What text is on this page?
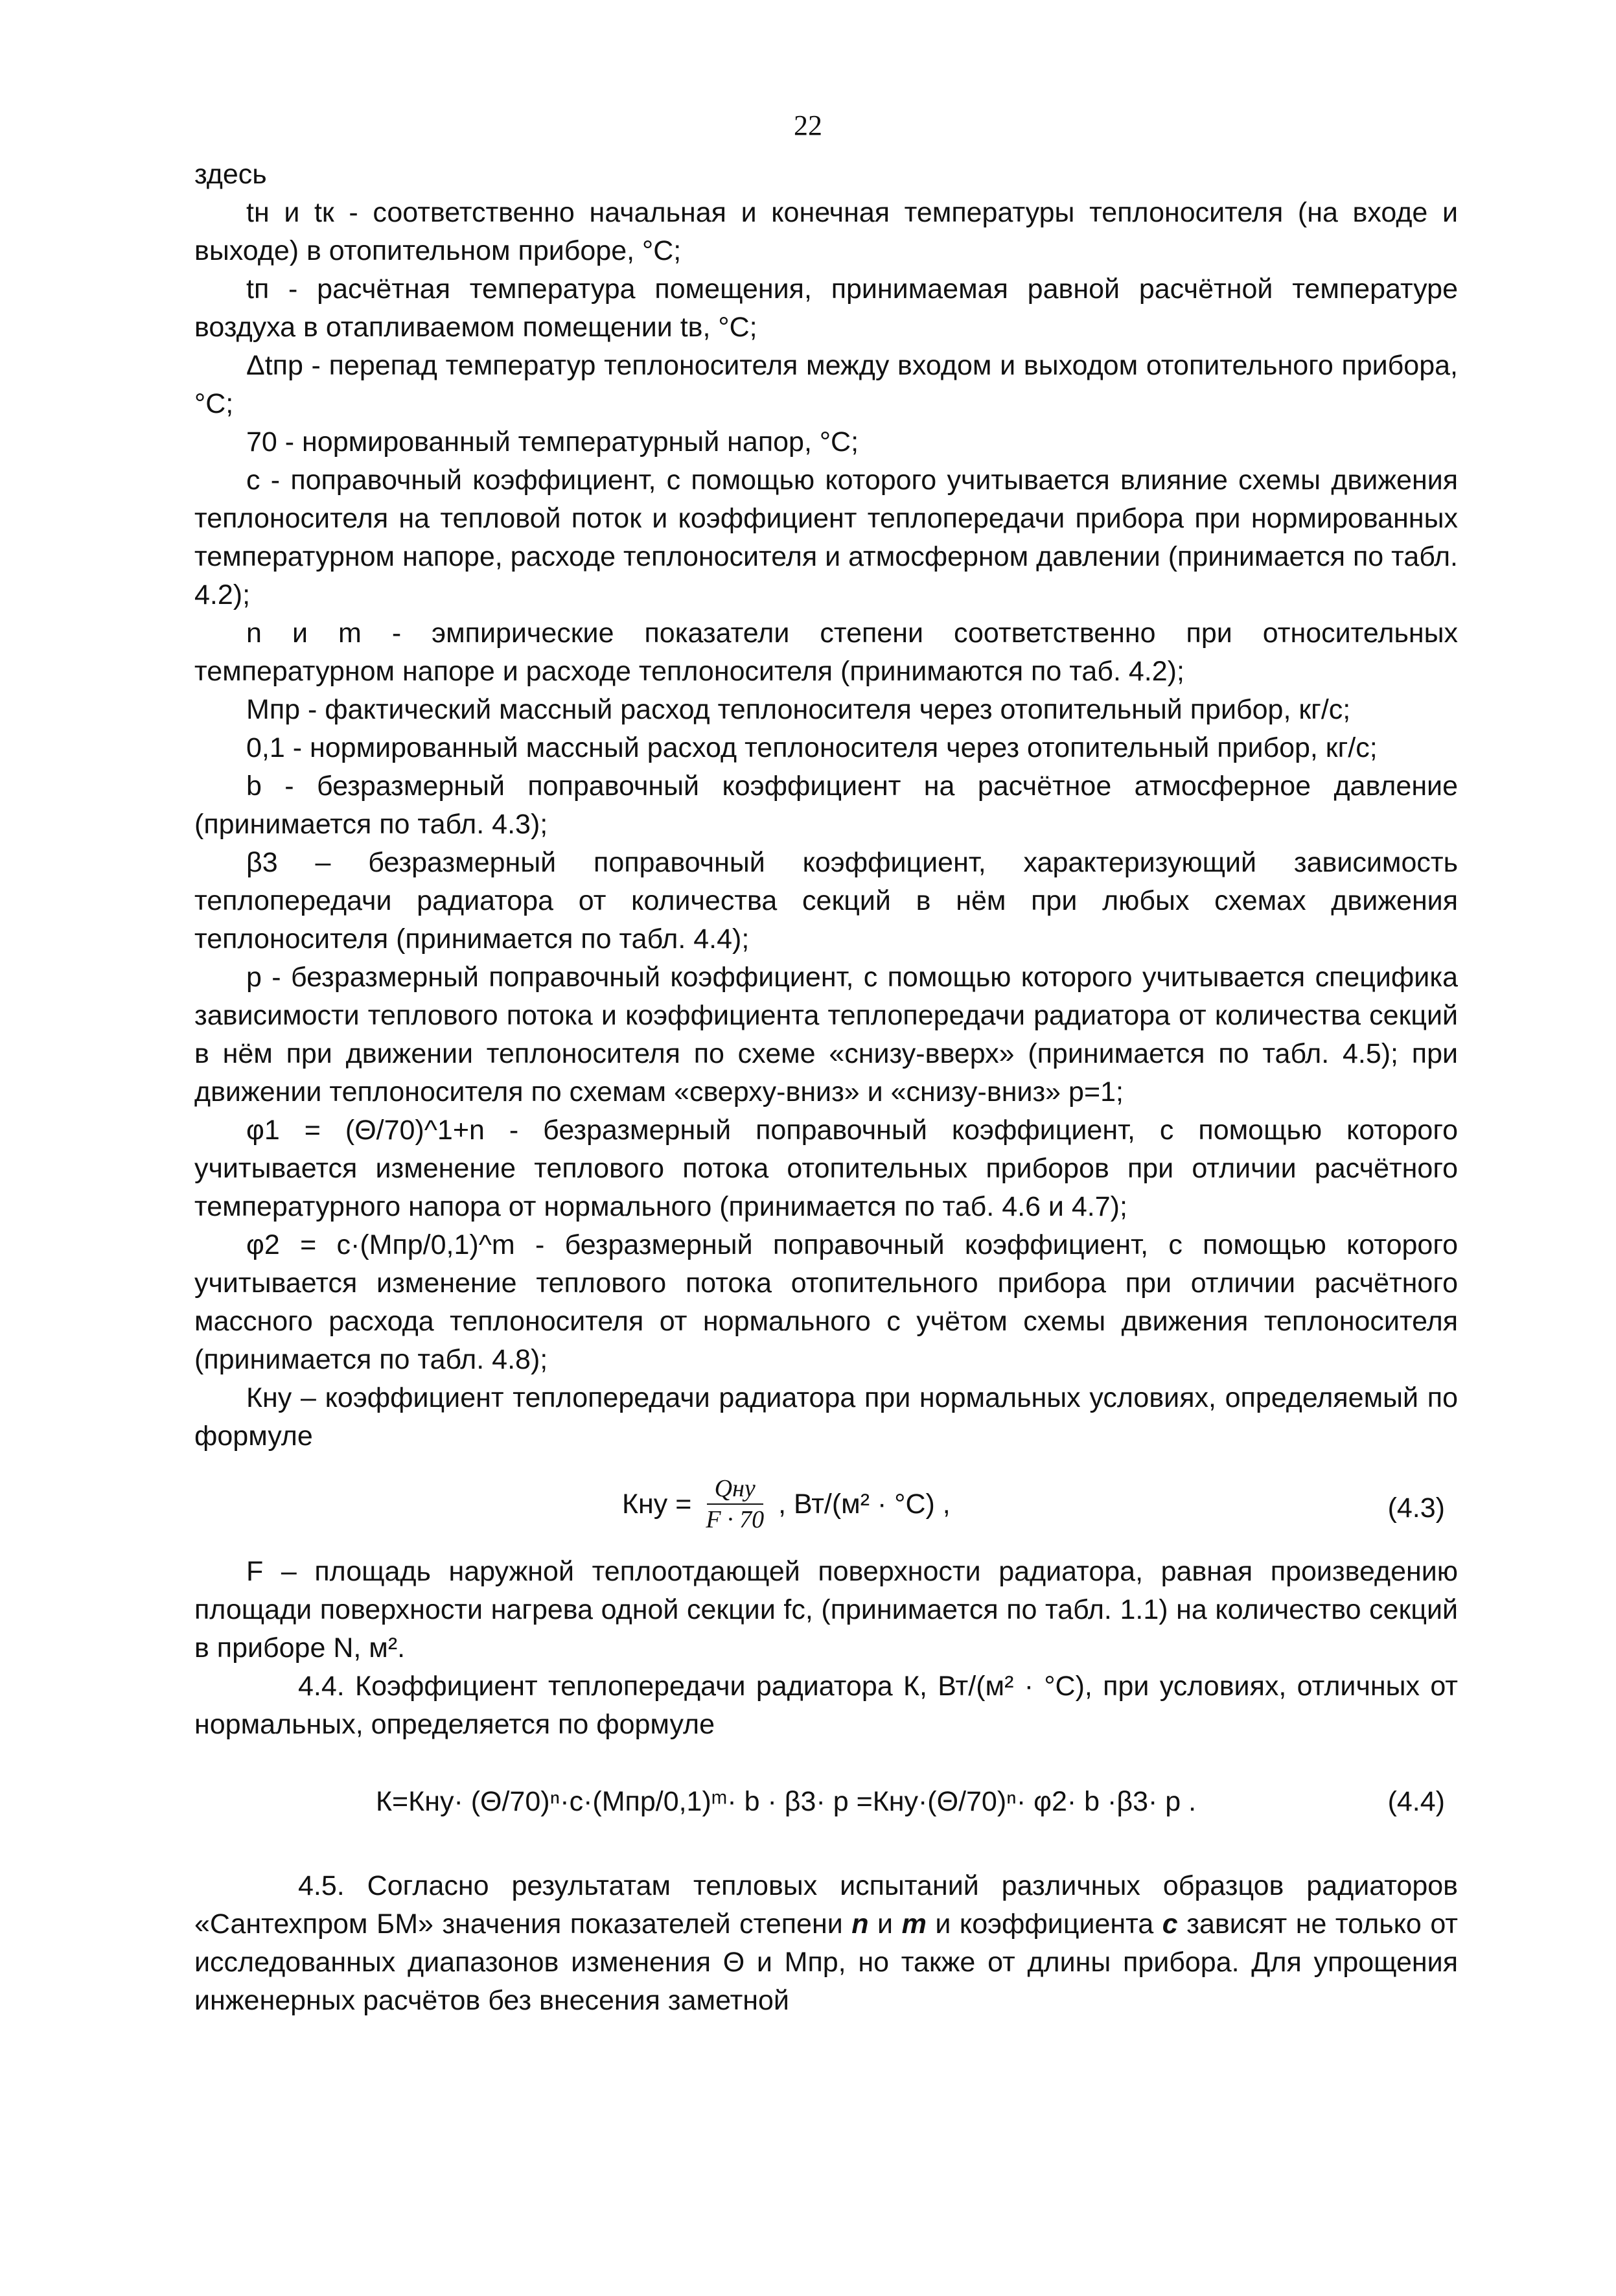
22

здесь

tн и tк - соответственно начальная и конечная температуры теплоносителя (на входе и выходе) в отопительном приборе, °С;

tп - расчётная температура помещения, принимаемая равной расчётной температуре воздуха в отапливаемом помещении tв, °С;

Δtпр - перепад температур теплоносителя между входом и выходом отопительного прибора, °С;

70 - нормированный температурный напор, °С;

с - поправочный коэффициент, с помощью которого учитывается влияние схемы движения теплоносителя на тепловой поток и коэффициент теплопередачи прибора при нормированных температурном напоре, расходе теплоносителя и атмосферном давлении (принимается по табл. 4.2);

n и m - эмпирические показатели степени соответственно при относительных температурном напоре и расходе теплоносителя (принимаются по таб. 4.2);

Мпр - фактический массный расход теплоносителя через отопительный прибор, кг/с;

0,1 - нормированный массный расход теплоносителя через отопительный прибор, кг/с;

b - безразмерный поправочный коэффициент на расчётное атмосферное давление (принимается по табл. 4.3);

β3 – безразмерный поправочный коэффициент, характеризующий зависимость теплопередачи радиатора от количества секций в нём при любых схемах движения теплоносителя (принимается по табл. 4.4);

р - безразмерный поправочный коэффициент, с помощью которого учитывается специфика зависимости теплового потока и коэффициента теплопередачи радиатора от количества секций в нём при движении теплоносителя по схеме «снизу-вверх» (принимается по табл. 4.5); при движении теплоносителя по схемам «сверху-вниз» и «снизу-вниз» р=1;

φ1 = (Θ/70)^1+n - безразмерный поправочный коэффициент, с помощью которого учитывается изменение теплового потока отопительных приборов при отличии расчётного температурного напора от нормального (принимается по таб. 4.6 и 4.7);

φ2 = с·(Мпр/0,1)^m - безразмерный поправочный коэффициент, с помощью которого учитывается изменение теплового потока отопительного прибора при отличии расчётного массного расхода теплоносителя от нормального с учётом схемы движения теплоносителя (принимается по табл. 4.8);

Кну – коэффициент теплопередачи радиатора при нормальных условиях, определяемый по формуле

Кну = $\frac{\text{Qну}}{F \cdot 70}$ , Вт/(м² · °С) ,	(4.3)

F – площадь наружной теплоотдающей поверхности радиатора, равная произведению площади поверхности нагрева одной секции fс, (принимается по табл. 1.1) на количество секций в приборе N, м².

4.4. Коэффициент теплопередачи радиатора К, Вт/(м² · °С), при условиях, отличных от нормальных, определяется по формуле

К=Кну· (Θ/70)ⁿ·с·(Мпр/0,1)ᵐ· b · β3· р =Кну·(Θ/70)ⁿ· φ2· b ·β3· р .	(4.4)

4.5. Согласно результатам тепловых испытаний различных образцов радиаторов «Сантехпром БМ» значения показателей степени n и m и коэффициента с зависят не только от исследованных диапазонов изменения Θ и Мпр, но также от длины прибора. Для упрощения инженерных расчётов без внесения заметной
